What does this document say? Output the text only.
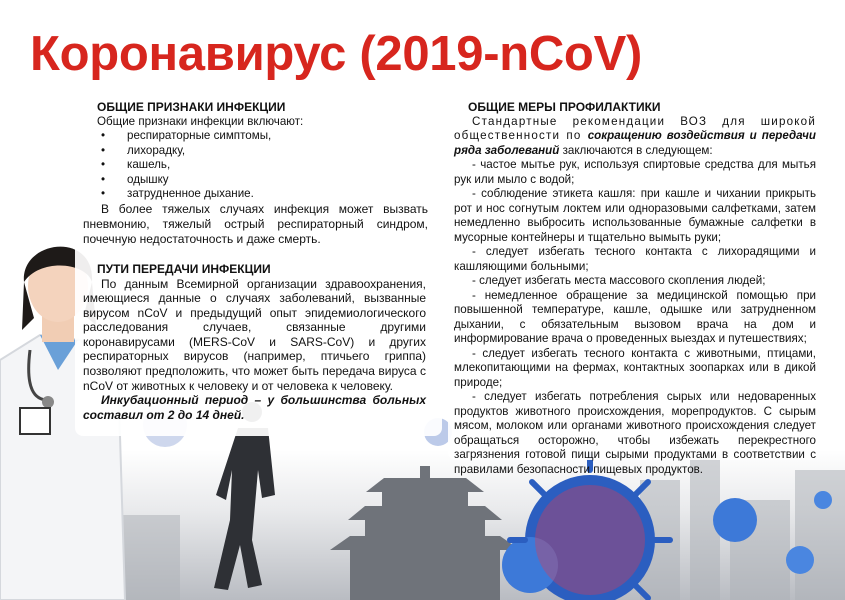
Коронавирус (2019-nCoV)
ОБЩИЕ ПРИЗНАКИ ИНФЕКЦИИ

Общие признаки инфекции включают:

• респираторные симптомы,
• лихорадку,
• кашель,
• одышку
• затрудненное дыхание.

В более тяжелых случаях инфекция может вызвать пневмонию, тяжелый острый респираторный синдром, почечную недостаточность и даже смерть.

ПУТИ ПЕРЕДАЧИ ИНФЕКЦИИ

По данным Всемирной организации здравоохранения, имеющиеся данные о случаях заболеваний, вызванные вирусом nCoV и предыдущий опыт эпидемиологического расследования случаев, связанные другими коронавирусами (MERS-CoV и SARS-CoV) и других респираторных вирусов (например, птичьего гриппа) позволяют предположить, что может быть передача вируса с nCoV от животных к человеку и от человека к человеку.

Инкубационный период – у большинства больных составил от 2 до 14 дней.

ОБЩИЕ МЕРЫ ПРОФИЛАКТИКИ

Стандартные рекомендации ВОЗ для широкой общественности по сокращению воздействия и передачи ряда заболеваний заключаются в следующем:

- частое мытье рук, используя спиртовые средства для мытья рук или мыло с водой;

- соблюдение этикета кашля: при кашле и чихании прикрыть рот и нос согнутым локтем или одноразовыми салфетками, затем немедленно выбросить использованные бумажные салфетки в мусорные контейнеры и тщательно вымыть руки;

- следует избегать тесного контакта с лихорадящими и кашляющими больными;

- следует избегать места массового скопления людей;

- немедленное обращение за медицинской помощью при повышенной температуре, кашле, одышке или затрудненном дыхании, с обязательным вызовом врача на дом и информирование врача о проведенных выездах и путешествиях;

- следует избегать тесного контакта с животными, птицами, млекопитающими на фермах, контактных зоопарках или в дикой природе;

- следует избегать потребления сырых или недоваренных продуктов животного происхождения, морепродуктов. С сырым мясом, молоком или органами животного происхождения следует обращаться осторожно, чтобы избежать перекрестного загрязнения готовой пищи сырыми продуктами в соответствии с правилами безопасности пищевых продуктов.
